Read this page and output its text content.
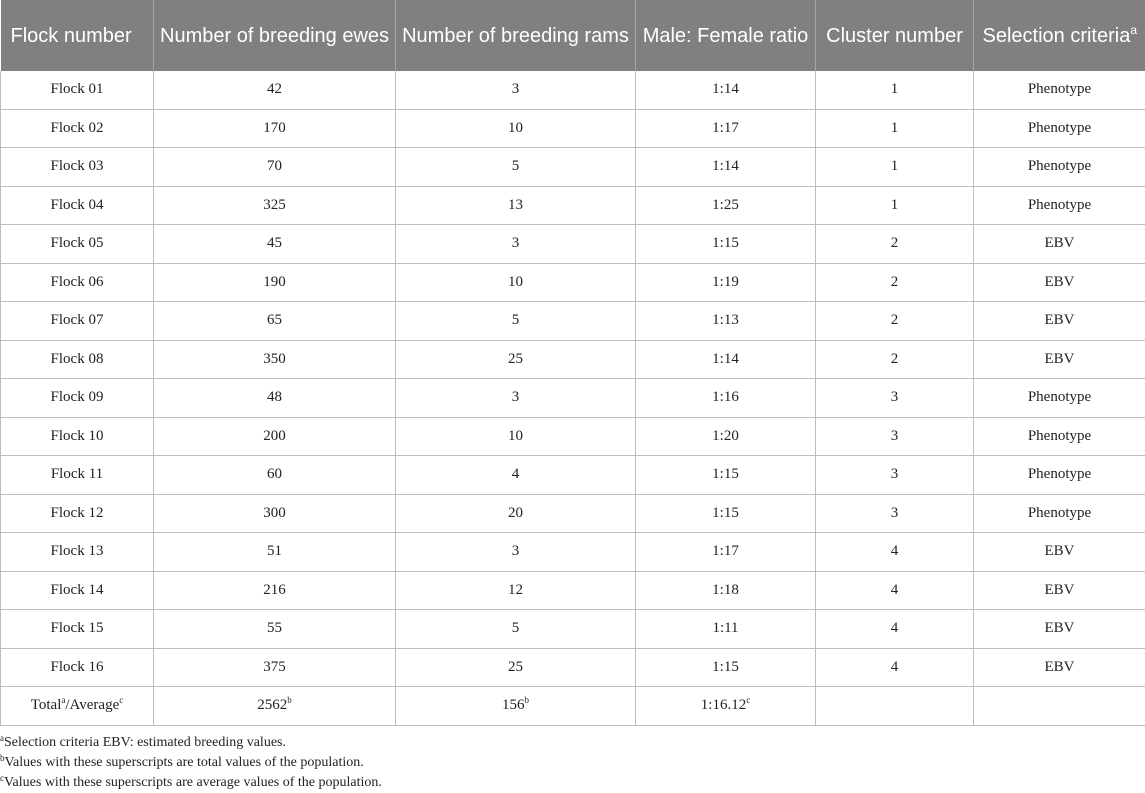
Flock number	Number of breeding ewes	Number of breeding rams	Male: Female ratio	Cluster number	Selection criteria$^a$
Flock 01	42	3	1:14	1	Phenotype
Flock 02	170	10	1:17	1	Phenotype
Flock 03	70	5	1:14	1	Phenotype
Flock 04	325	13	1:25	1	Phenotype
Flock 05	45	3	1:15	2	EBV
Flock 06	190	10	1:19	2	EBV
Flock 07	65	5	1:13	2	EBV
Flock 08	350	25	1:14	2	EBV
Flock 09	48	3	1:16	3	Phenotype
Flock 10	200	10	1:20	3	Phenotype
Flock 11	60	4	1:15	3	Phenotype
Flock 12	300	20	1:15	3	Phenotype
Flock 13	51	3	1:17	4	EBV
Flock 14	216	12	1:18	4	EBV
Flock 15	55	5	1:11	4	EBV
Flock 16	375	25	1:15	4	EBV
Total$^a$/Average$^c$	2562$^b$	156$^b$	1:16.12$^c$		
$^a$Selection criteria EBV: estimated breeding values.
$^b$Values with these superscripts are total values of the population.
$^c$Values with these superscripts are average values of the population.
